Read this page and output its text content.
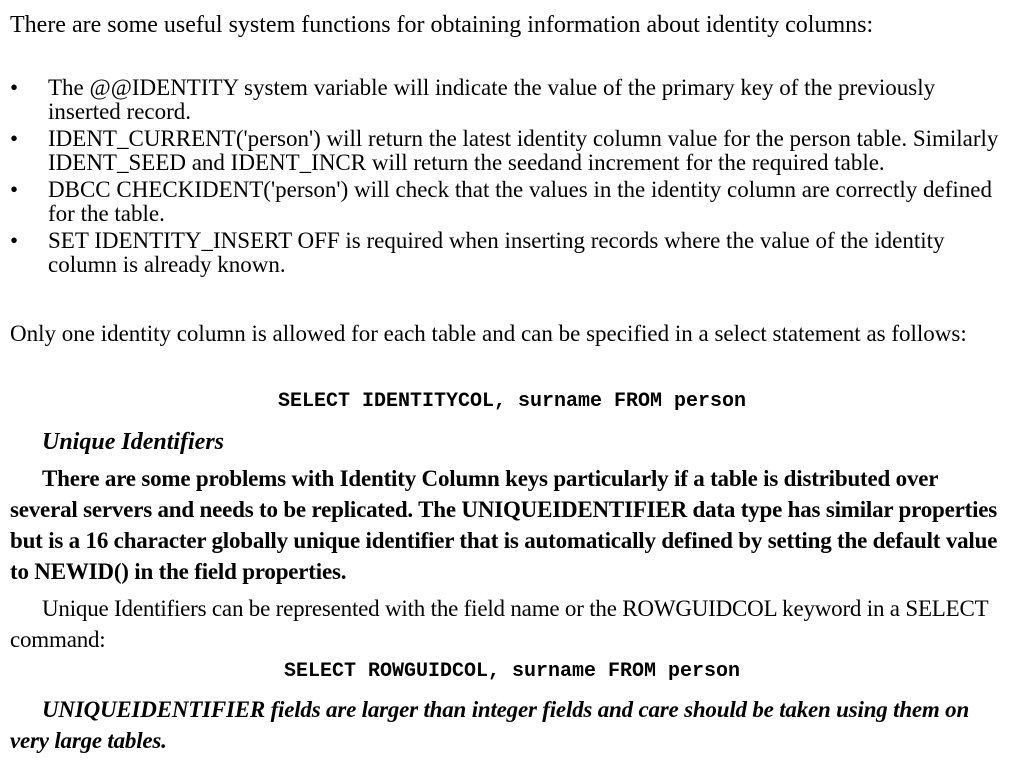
There are some useful system functions for obtaining information about identity columns:

•	The @@IDENTITY system variable will indicate the value of the primary key of the previously inserted record.
•	IDENT_CURRENT('person') will return the latest identity column value for the person table. Similarly IDENT_SEED and IDENT_INCR will return the seedand increment for the required table.
•	DBCC CHECKIDENT('person') will check that the values in the identity column are correctly defined for the table.
•	SET IDENTITY_INSERT OFF is required when inserting records where the value of the identity column is already known.

Only one identity column is allowed for each table and can be specified in a select statement as follows:

SELECT IDENTITYCOL, surname FROM person

Unique Identifiers

There are some problems with Identity Column keys particularly if a table is distributed over several servers and needs to be replicated. The UNIQUEIDENTIFIER data type has similar properties but is a 16 character globally unique identifier that is automatically defined by setting the default value to NEWID() in the field properties.

Unique Identifiers can be represented with the field name or the ROWGUIDCOL keyword in a SELECT command:

SELECT ROWGUIDCOL, surname FROM person

UNIQUEIDENTIFIER fields are larger than integer fields and care should be taken using them on very large tables.
